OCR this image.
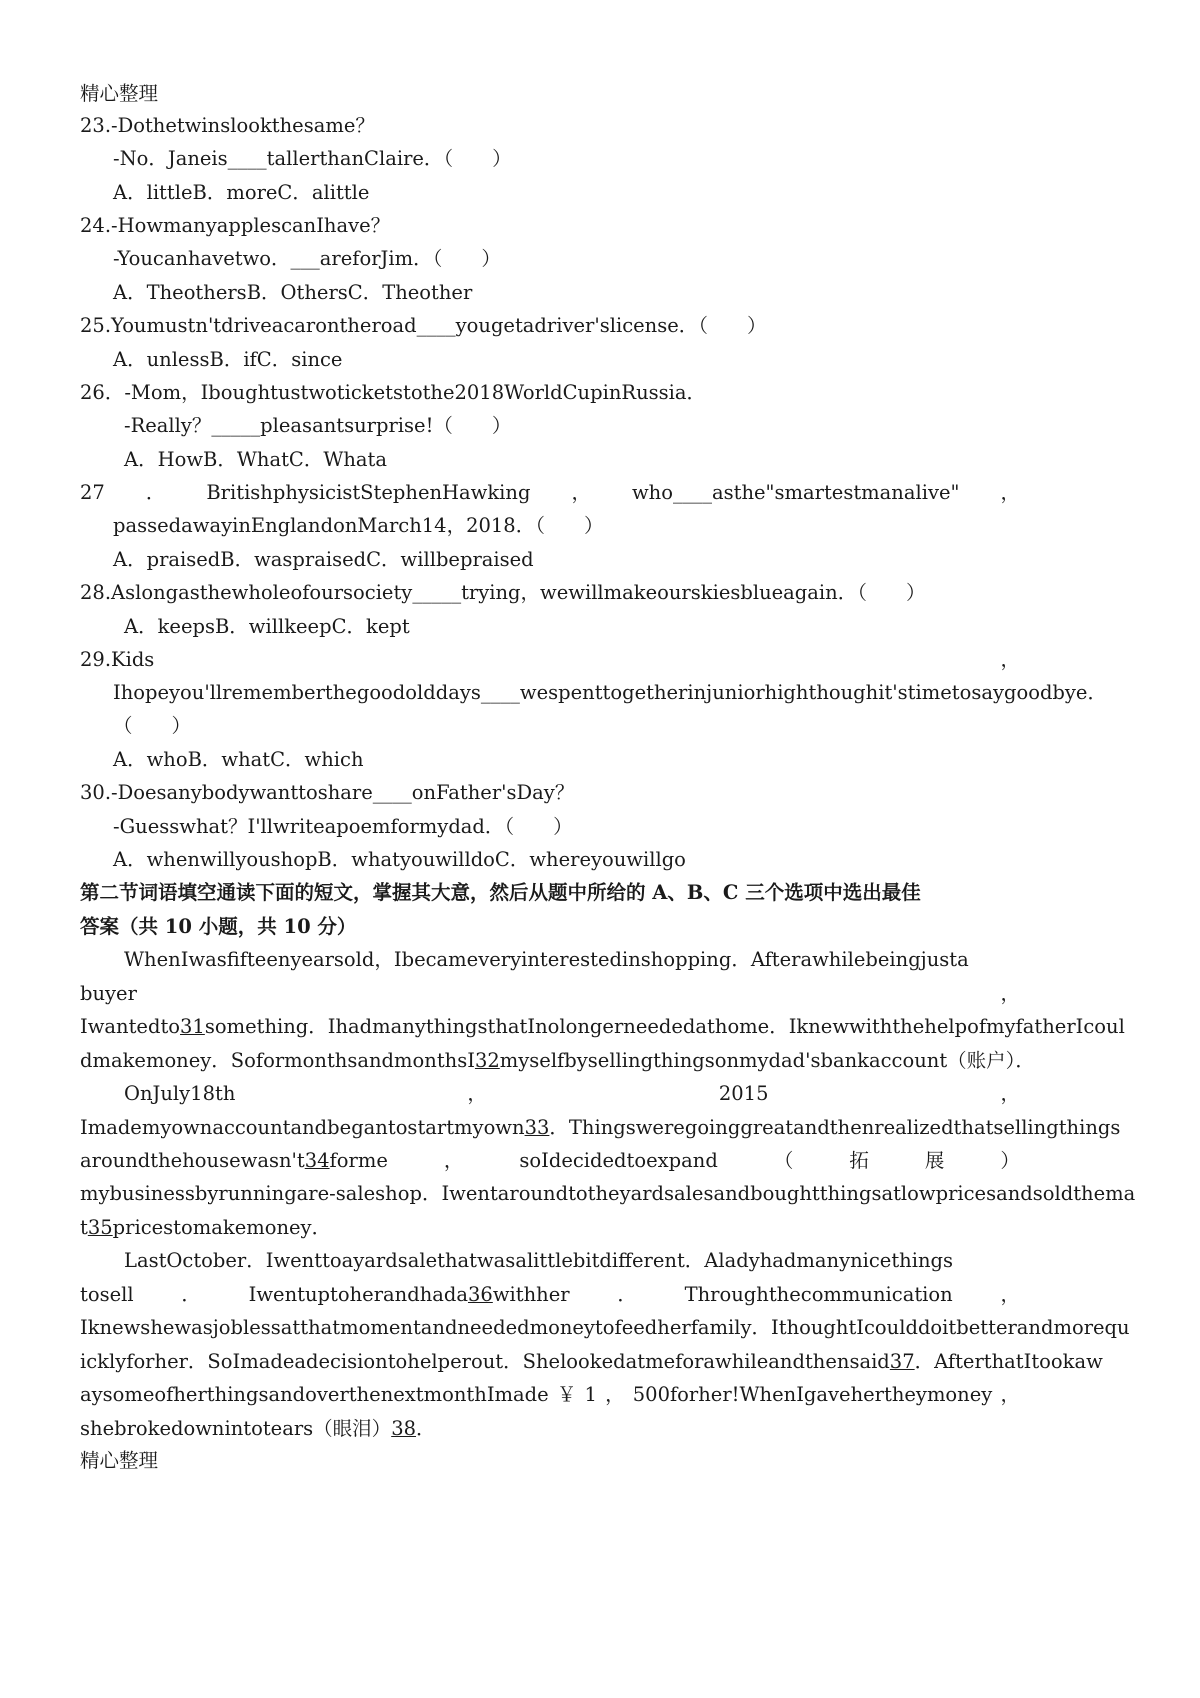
精心整理
23.-Dothetwinslookthesame？
-No．Janeis____tallerthanClaire．（　　）
A．littleB．moreC．alittle
24.-HowmanyapplescanIhave？
-Youcanhavetwo．___areforJim．（　　）
A．TheothersB．OthersC．Theother
25.Youmustn'tdriveacarontheroad____yougetadriver'slicense．（　　）
A．unlessB．ifC．since
26．-Mom，Iboughtustwoticketstothe2018WorldCupinRussia．
-Really？_____pleasantsurprise!（　　）
A．HowB．WhatC．Whata
27 ． BritishphysicistStephenHawking ， who____asthe"smartestmanalive" ，
passedawayinEnglandonMarch14，2018．（　　）
A．praisedB．waspraisedC．willbepraised
28.Aslongasthewholeofoursociety_____trying，wewillmakeourskiesblueagain．（　　）
A．keepsB．willkeepC．kept
29.Kids	，
Ihopeyou'llrememberthegoodolddays____wespenttogetherinjuniorhighthoughit'stimetosaygoodbye ．
（　　）
A．whoB．whatC．which
30.-Doesanybodywanttoshare____onFather'sDay？
-Guesswhat？I'llwriteapoemformydad．（　　）
A．whenwillyoushopB．whatyouwilldoC．whereyouwillgo
第二节词语填空通读下面的短文，掌握其大意，然后从题中所给的 A、B、C 三个选项中选出最佳
答案（共 10 小题，共 10 分）
WhenIwasfifteenyearsold，Ibecameveryinterestedinshopping．Afterawhilebeingjusta
buyer	，
Iwantedto31something．IhadmanythingsthatInolongerneededathome．IknewwiththehelpofmyfatherIcoul
dmakemoney．SoformonthsandmonthsI32myselfbysellingthingsonmydad'sbankaccount（账户）．
OnJuly18th	，	2015	，
Imademyownaccountandbegantostartmyown33．Thingsweregoinggreatandthenrealizedthatsellingthings
aroundthehousewasn't34forme	，	soIdecidedtoexpand	（	拓	展	）
mybusinessbyrunningare-saleshop．Iwentaroundtotheyardsalesandboughtthingsatlowpricesandsoldthema
t35pricestomakemoney．
LastOctober．Iwenttoayardsalethatwasalittlebitdifferent．Aladyhadmanynicethings
tosell ． Iwentuptoherandhada36withher ． Throughthecommunication ，
Iknewshewasjoblessatthatmomentandneededmoneytofeedherfamily．IthoughtIcoulddoitbetterandmorequ
icklyforher．SoImadeadecisiontohelperout．Shelookedatmeforawhileandthensaid37．AfterthatItookaw
aysomeofherthingsandoverthenextmonthImade ￥ 1 ， 500forher!WhenIgavehertheymoney ，
shebrokedownintotears（眼泪）38．
精心整理
